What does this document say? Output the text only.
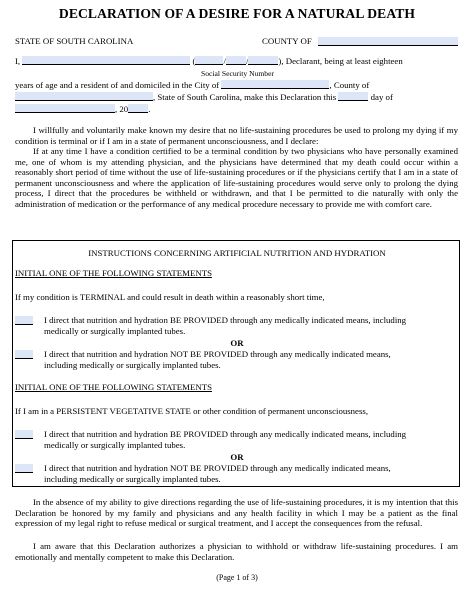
DECLARATION OF A DESIRE FOR A NATURAL DEATH
STATE OF SOUTH CAROLINA	COUNTY OF
I,	(	/ /	), Declarant, being at least eighteen
Social Security Number
years of age and a resident of and domiciled in the City of	, County of
, State of South Carolina, make this Declaration this	day of
, 20 .
I willfully and voluntarily make known my desire that no life-sustaining procedures be used to prolong my dying if my condition is terminal or if I am in a state of permanent unconsciousness, and I declare:
If at any time I have a condition certified to be a terminal condition by two physicians who have personally examined me, one of whom is my attending physician, and the physicians have determined that my death could occur within a reasonably short period of time without the use of life-sustaining procedures or if the physicians certify that I am in a state of permanent unconsciousness and where the application of life-sustaining procedures would serve only to prolong the dying process, I direct that the procedures be withheld or withdrawn, and that I be permitted to die naturally with only the administration of medication or the performance of any medical procedure necessary to provide me with comfort care.
INSTRUCTIONS CONCERNING ARTIFICIAL NUTRITION AND HYDRATION
INITIAL ONE OF THE FOLLOWING STATEMENTS
If my condition is TERMINAL and could result in death within a reasonably short time,
I direct that nutrition and hydration BE PROVIDED through any medically indicated means, including
medically or surgically implanted tubes.
OR
I direct that nutrition and hydration NOT BE PROVIDED through any medically indicated means,
including medically or surgically implanted tubes.
INITIAL ONE OF THE FOLLOWING STATEMENTS
If I am in a PERSISTENT VEGETATIVE STATE or other condition of permanent unconsciousness,
I direct that nutrition and hydration BE PROVIDED through any medically indicated means, including
medically or surgically implanted tubes.
OR
I direct that nutrition and hydration NOT BE PROVIDED through any medically indicated means,
including medically or surgically implanted tubes.
In the absence of my ability to give directions regarding the use of life-sustaining procedures, it is my intention that this Declaration be honored by my family and physicians and any health facility in which I may be a patient as the final expression of my legal right to refuse medical or surgical treatment, and I accept the consequences from the refusal.
I am aware that this Declaration authorizes a physician to withhold or withdraw life-sustaining procedures. I am emotionally and mentally competent to make this Declaration.
(Page 1 of 3)
